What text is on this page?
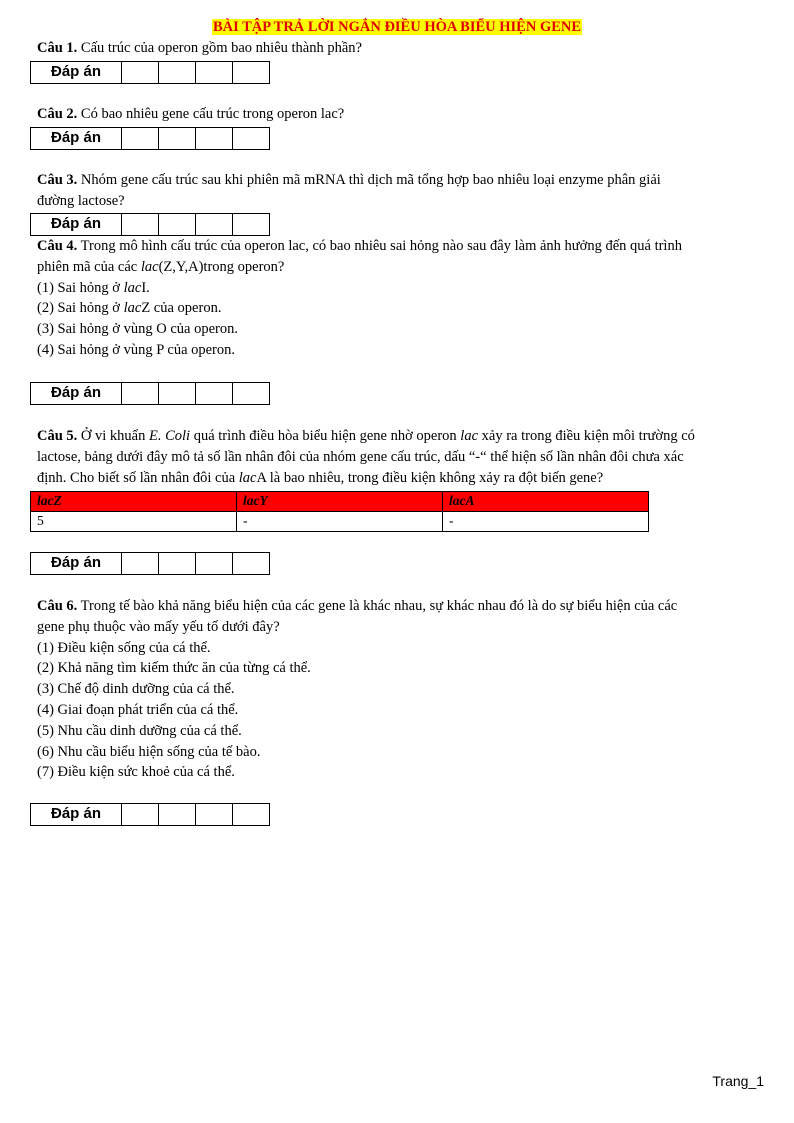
BÀI TẬP TRẢ LỜI NGẮN ĐIỀU HÒA BIỂU HIỆN GENE
Câu 1. Cấu trúc của operon gồm bao nhiêu thành phần?
Đáp án				
Câu 2. Có bao nhiêu gene cấu trúc trong operon lac?
Đáp án				
Câu 3. Nhóm gene cấu trúc sau khi phiên mã mRNA thì dịch mã tổng hợp bao nhiêu loại enzyme phân giải
đường lactose?
Đáp án				
Câu 4. Trong mô hình cấu trúc của operon lac, có bao nhiêu sai hỏng nào sau đây làm ảnh hưởng đến quá trình
phiên mã của các lac(Z,Y,A)trong operon?
(1) Sai hỏng ở lacI.
(2) Sai hỏng ở lacZ của operon.
(3) Sai hỏng ở vùng O của operon.
(4) Sai hỏng ở vùng P của operon.
Đáp án				
Câu 5. Ở vi khuẩn E. Coli quá trình điều hòa biểu hiện gene nhờ operon lac xảy ra trong điều kiện môi trường có
lactose, bảng dưới đây mô tả số lần nhân đôi của nhóm gene cấu trúc, dấu “-“ thể hiện số lần nhân đôi chưa xác
định. Cho biết số lần nhân đôi của lacA là bao nhiêu, trong điều kiện không xảy ra đột biến gene?
lacZ	lacY	lacA
5	-	-
Đáp án				
Câu 6. Trong tế bào khả năng biểu hiện của các gene là khác nhau, sự khác nhau đó là do sự biểu hiện của các
gene phụ thuộc vào mấy yếu tố dưới đây?
(1) Điều kiện sống của cá thể.
(2) Khả năng tìm kiếm thức ăn của từng cá thể.
(3) Chế độ dinh dưỡng của cá thể.
(4) Giai đoạn phát triển của cá thể.
(5) Nhu cầu dinh dưỡng của cá thể.
(6) Nhu cầu biểu hiện sống của tế bào.
(7) Điều kiện sức khoẻ của cá thể.
Đáp án				
Trang_1
